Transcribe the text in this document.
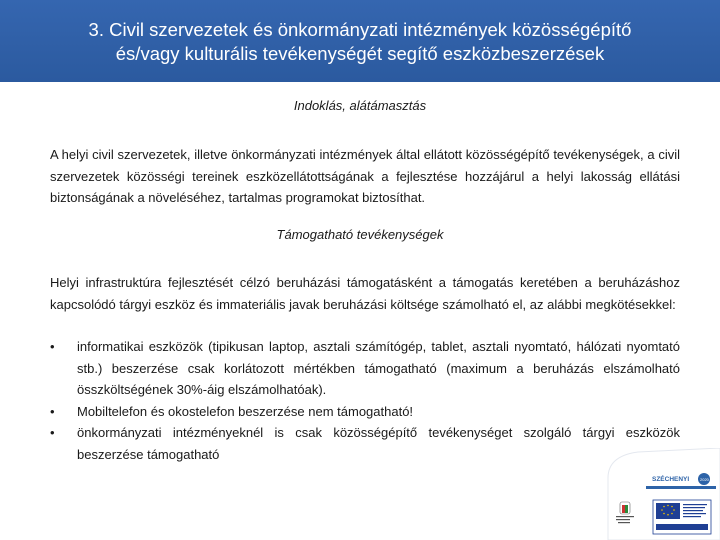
3. Civil szervezetek és önkormányzati intézmények közösségépítő
és/vagy kulturális tevékenységét segítő eszközbeszerzések
Indoklás, alátámasztás
A helyi civil szervezetek, illetve önkormányzati intézmények által ellátott közösségépítő tevékenységek, a civil szervezetek közösségi tereinek eszközellátottságának a fejlesztése hozzájárul a helyi lakosság ellátási biztonságának a növeléséhez, tartalmas programokat biztosíthat.
Támogatható tevékenységek
Helyi infrastruktúra fejlesztését célzó beruházási támogatásként a támogatás keretében a beruházáshoz kapcsolódó tárgyi eszköz és immateriális javak beruházási költsége számolható el, az alábbi megkötésekkel:
• informatikai eszközök (tipikusan laptop, asztali számítógép, tablet, asztali nyomtató, hálózati nyomtató stb.) beszerzése csak korlátozott mértékben támogatható (maximum a beruházás elszámolható összköltségének 30%-áig elszámolhatóak).
• Mobiltelefon és okostelefon beszerzése nem támogatható!
• önkormányzati intézményeknél is csak közösségépítő tevékenységet szolgáló tárgyi eszközök beszerzése támogatható
SZÉCHENYI	2020
